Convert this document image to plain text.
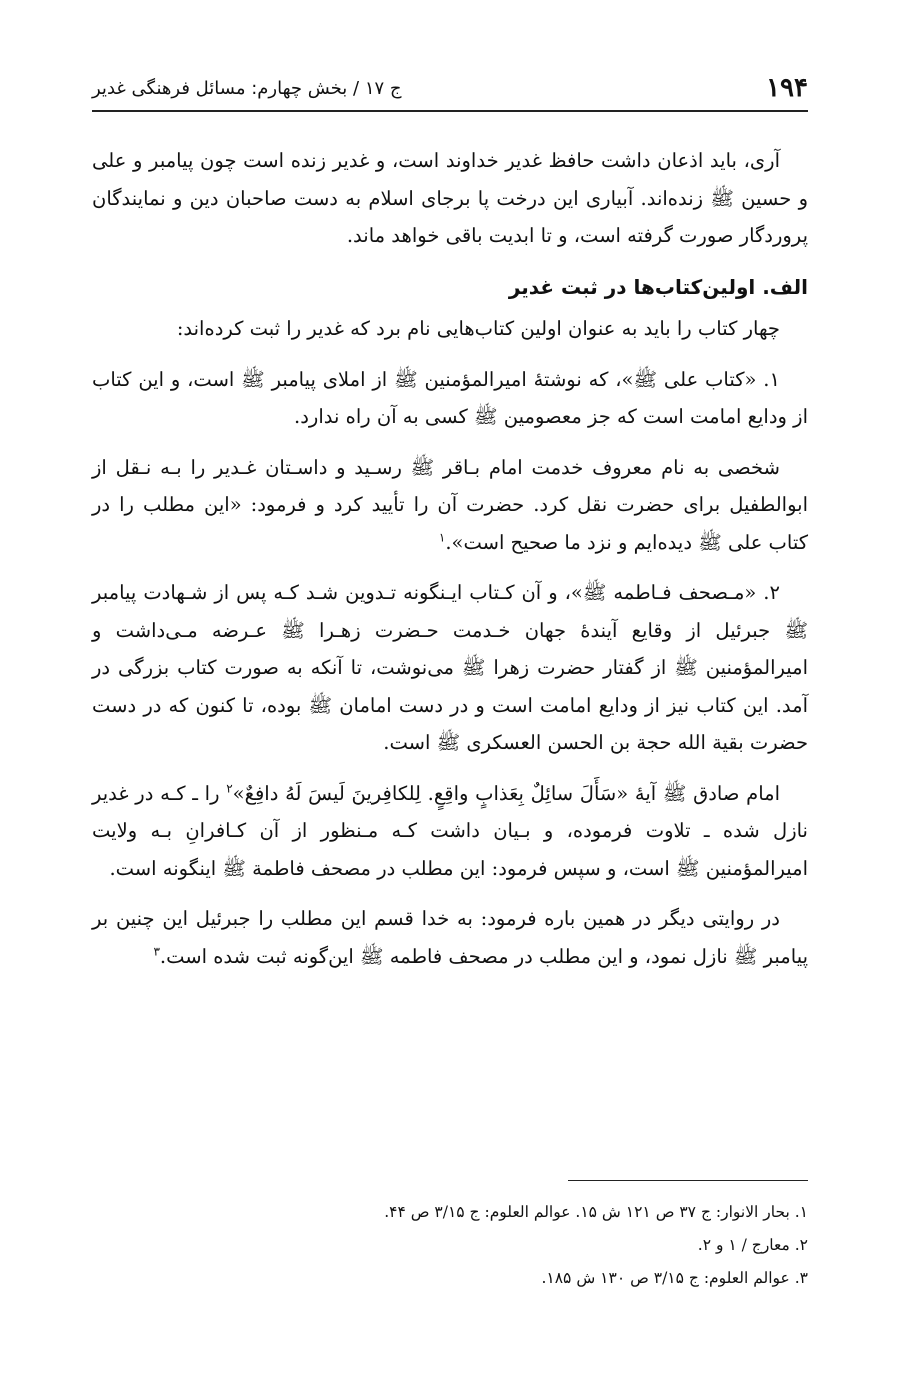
۱۹۴
ج ۱۷ / بخش چهارم: مسائل فرهنگی غدیر

آری، باید اذعان داشت حافظ غدیر خداوند است، و غدیر زنده است چون پیامبر و علی و حسین ﷺ زنده‌اند. آبیاری این درخت پا برجای اسلام به دست صاحبان دین و نمایندگان پروردگار صورت گرفته است، و تا ابدیت باقی خواهد ماند.

الف. اولین‌کتاب‌ها در ثبت غدیر

چهار کتاب را باید به عنوان اولین کتاب‌هایی نام برد که غدیر را ثبت کرده‌اند:

۱. «کتاب علی ﷺ»، که نوشتهٔ امیرالمؤمنین ﷺ از املای پیامبر ﷺ است، و این کتاب از ودایع امامت است که جز معصومین ﷺ کسی به آن راه ندارد.

شخصی به نام معروف خدمت امام بـاقر ﷺ رسـید و داسـتان غـدیر را بـه نـقل از ابوالطفیل برای حضرت نقل کرد. حضرت آن را تأیید کرد و فرمود: «این مطلب را در کتاب علی ﷺ دیده‌ایم و نزد ما صحیح است».$^۱$

۲. «مـصحف فـاطمه ﷺ»، و آن کـتاب ایـنگونه تـدوین شـد کـه پس از شـهادت پیامبر ﷺ جبرئیل از وقایع آیندهٔ جهان خـدمت حـضرت زهـرا ﷺ عـرضه مـی‌داشت و امیرالمؤمنین ﷺ از گفتار حضرت زهرا ﷺ می‌نوشت، تا آنکه به صورت کتاب بزرگی در آمد. این کتاب نیز از ودایع امامت است و در دست امامان ﷺ بوده، تا کنون که در دست حضرت بقیة الله حجة بن الحسن العسکری ﷺ است.

امام صادق ﷺ آیهٔ «سَأَلَ سائِلٌ بِعَذابٍ واقِعٍ. لِلکافِرینَ لَیسَ لَهُ دافِعٌ»$^۲$ را ـ کـه در غدیر نازل شده ـ تلاوت فرموده، و بـیان داشت کـه مـنظور از آن کـافرانِ بـه ولایت امیرالمؤمنین ﷺ است، و سپس فرمود: این مطلب در مصحف فاطمة ﷺ اینگونه است.

در روایتی دیگر در همین باره فرمود: به خدا قسم این مطلب را جبرئیل این چنین بر پیامبر ﷺ نازل نمود، و این مطلب در مصحف فاطمه ﷺ این‌گونه ثبت شده است.$^۳$

۱. بحار الانوار: ج ۳۷ ص ۱۲۱ ش ۱۵. عوالم العلوم: ج ۳/۱۵ ص ۴۴.
۲. معارج / ۱ و ۲.
۳. عوالم العلوم: ج ۳/۱۵ ص ۱۳۰ ش ۱۸۵.
